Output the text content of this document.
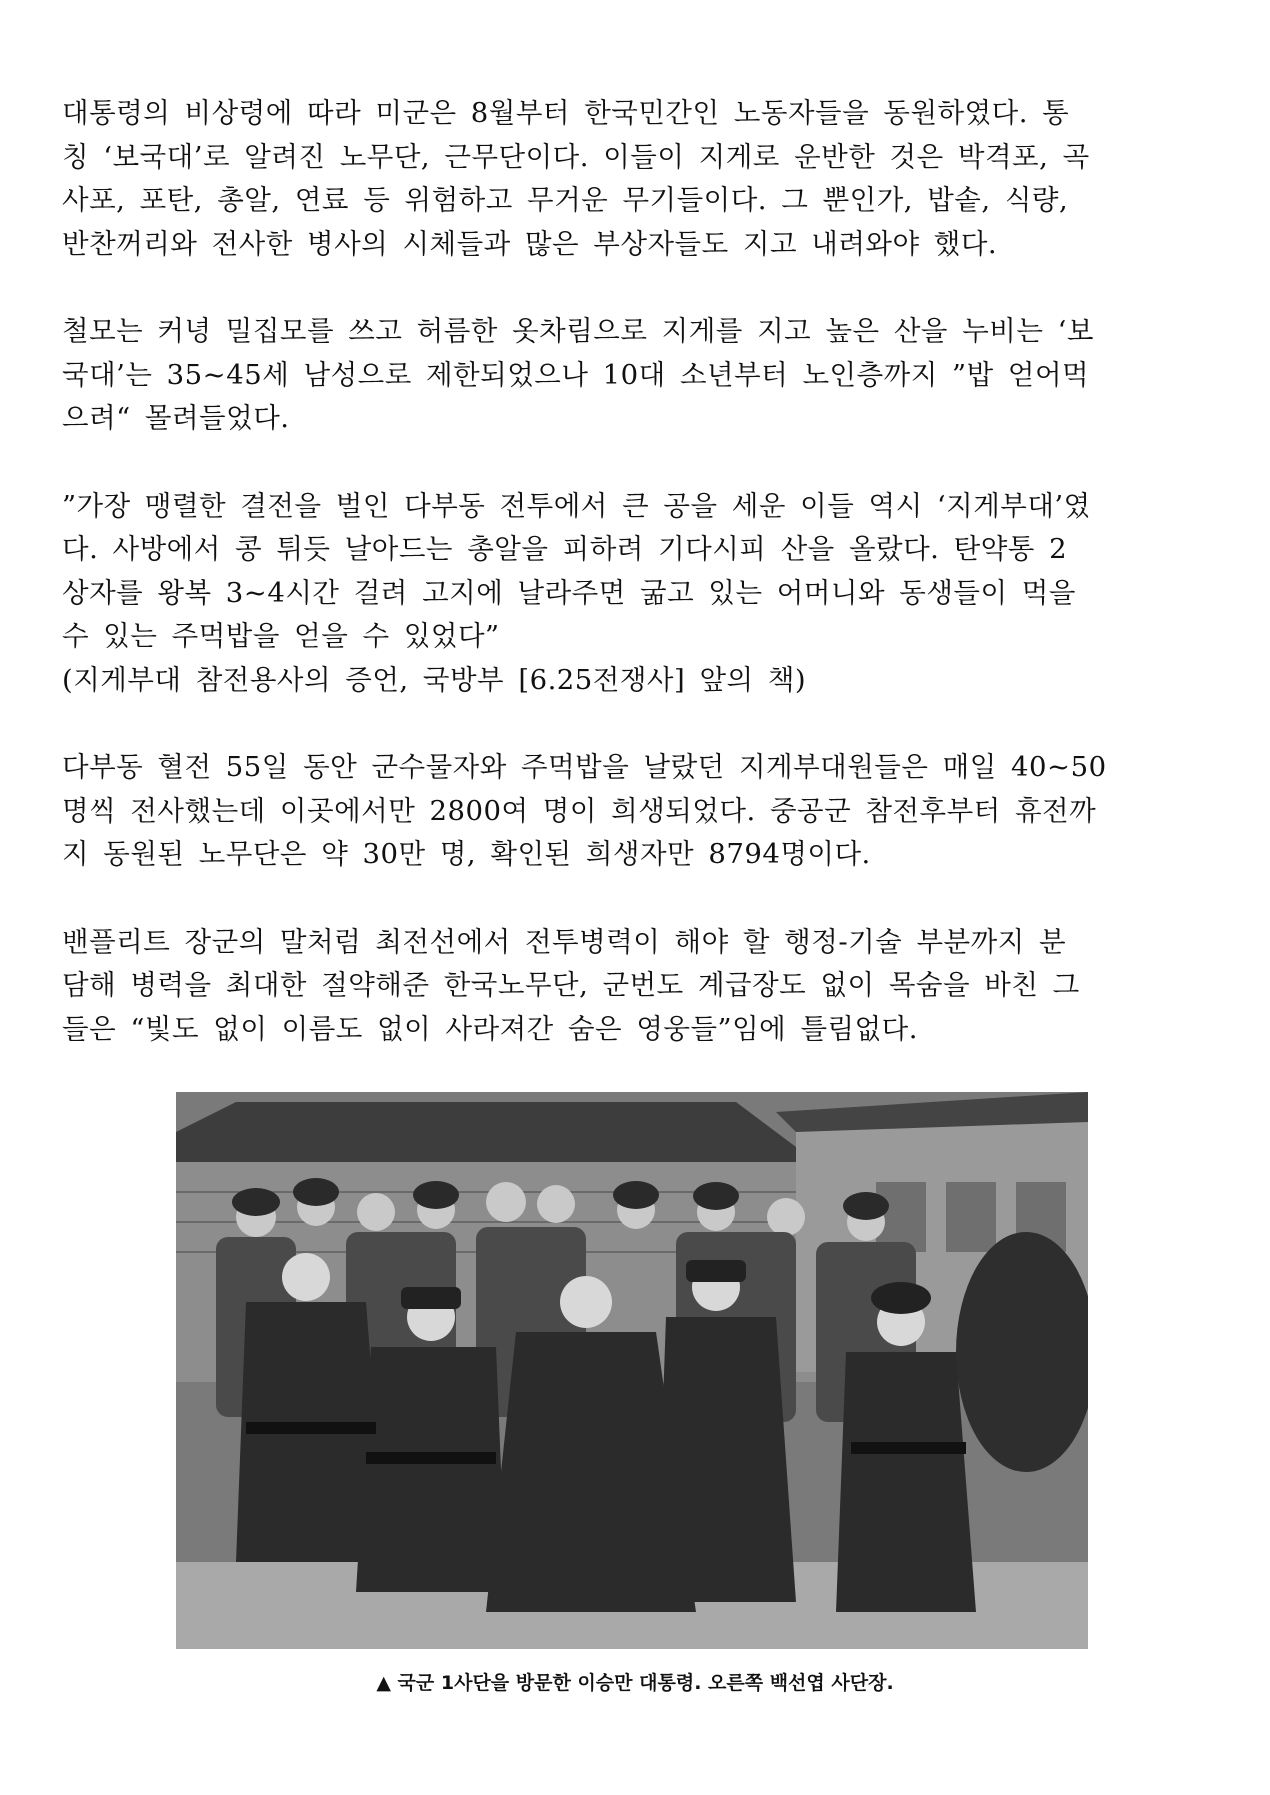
대통령의 비상령에 따라 미군은 8월부터 한국민간인 노동자들을 동원하였다. 통
칭 ‘보국대’로 알려진 노무단, 근무단이다. 이들이 지게로 운반한 것은 박격포, 곡
사포, 포탄, 총알, 연료 등 위험하고 무거운 무기들이다. 그 뿐인가, 밥솥, 식량,
반찬꺼리와 전사한 병사의 시체들과 많은 부상자들도 지고 내려와야 했다.

철모는 커녕 밀집모를 쓰고 허름한 옷차림으로 지게를 지고 높은 산을 누비는 ‘보
국대’는 35~45세 남성으로 제한되었으나 10대 소년부터 노인층까지 ”밥 얻어먹
으려“ 몰려들었다.

”가장 맹렬한 결전을 벌인 다부동 전투에서 큰 공을 세운 이들 역시 ‘지게부대’였
다. 사방에서 콩 튀듯 날아드는 총알을 피하려 기다시피 산을 올랐다. 탄약통 2
상자를 왕복 3~4시간 걸려 고지에 날라주면 굶고 있는 어머니와 동생들이 먹을
수 있는 주먹밥을 얻을 수 있었다”
(지게부대 참전용사의 증언, 국방부 [6.25전쟁사] 앞의 책)

다부동 혈전 55일 동안 군수물자와 주먹밥을 날랐던 지게부대원들은 매일 40~50
명씩 전사했는데 이곳에서만 2800여 명이 희생되었다. 중공군 참전후부터 휴전까
지 동원된 노무단은 약 30만 명, 확인된 희생자만 8794명이다.

밴플리트 장군의 말처럼 최전선에서 전투병력이 해야 할 행정-기술 부분까지 분
담해 병력을 최대한 절약해준 한국노무단, 군번도 계급장도 없이 목숨을 바친 그
들은 “빛도 없이 이름도 없이 사라져간 숨은 영웅들”임에 틀림없다.

▲ 국군 1사단을 방문한 이승만 대통령. 오른쪽 백선엽 사단장.
